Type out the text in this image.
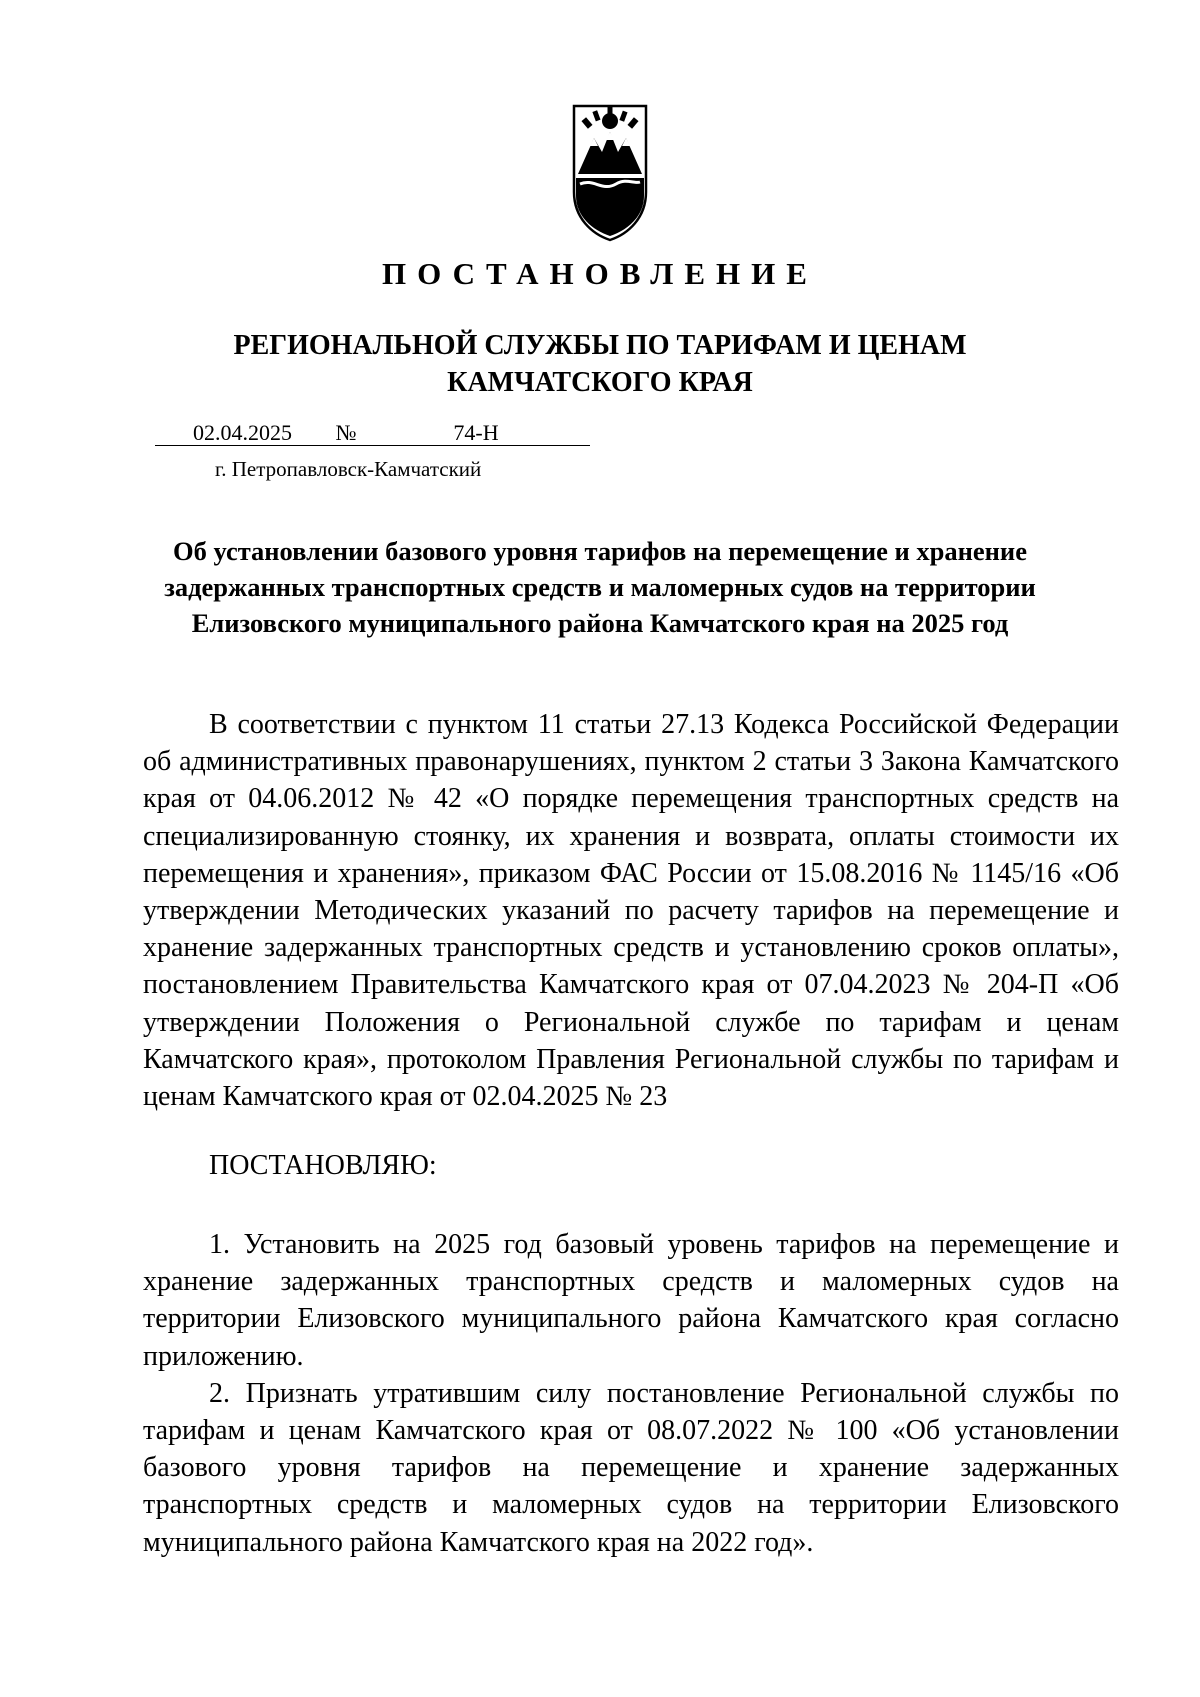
ПОСТАНОВЛЕНИЕ
РЕГИОНАЛЬНОЙ СЛУЖБЫ ПО ТАРИФАМ И ЦЕНАМ
КАМЧАТСКОГО КРАЯ
02.04.2025 №	74-Н
г. Петропавловск-Камчатский
Об установлении базового уровня тарифов на перемещение и хранение
задержанных транспортных средств и маломерных судов на территории
Елизовского муниципального района Камчатского края на 2025 год

В соответствии с пунктом 11 статьи 27.13 Кодекса Российской Федерации об административных правонарушениях, пунктом 2 статьи 3 Закона Камчатского края от 04.06.2012 № 42 «О порядке перемещения транспортных средств на специализированную стоянку, их хранения и возврата, оплаты стоимости их перемещения и хранения», приказом ФАС России от 15.08.2016 № 1145/16 «Об утверждении Методических указаний по расчету тарифов на перемещение и хранение задержанных транспортных средств и установлению сроков оплаты», постановлением Правительства Камчатского края от 07.04.2023 № 204-П «Об утверждении Положения о Региональной службе по тарифам и ценам Камчатского края», протоколом Правления Региональной службы по тарифам и ценам Камчатского края от 02.04.2025 № 23

ПОСТАНОВЛЯЮ:

1. Установить на 2025 год базовый уровень тарифов на перемещение и хранение задержанных транспортных средств и маломерных судов на территории Елизовского муниципального района Камчатского края согласно приложению.

2. Признать утратившим силу постановление Региональной службы по тарифам и ценам Камчатского края от 08.07.2022 № 100 «Об установлении базового уровня тарифов на перемещение и хранение задержанных транспортных средств и маломерных судов на территории Елизовского муниципального района Камчатского края на 2022 год».
